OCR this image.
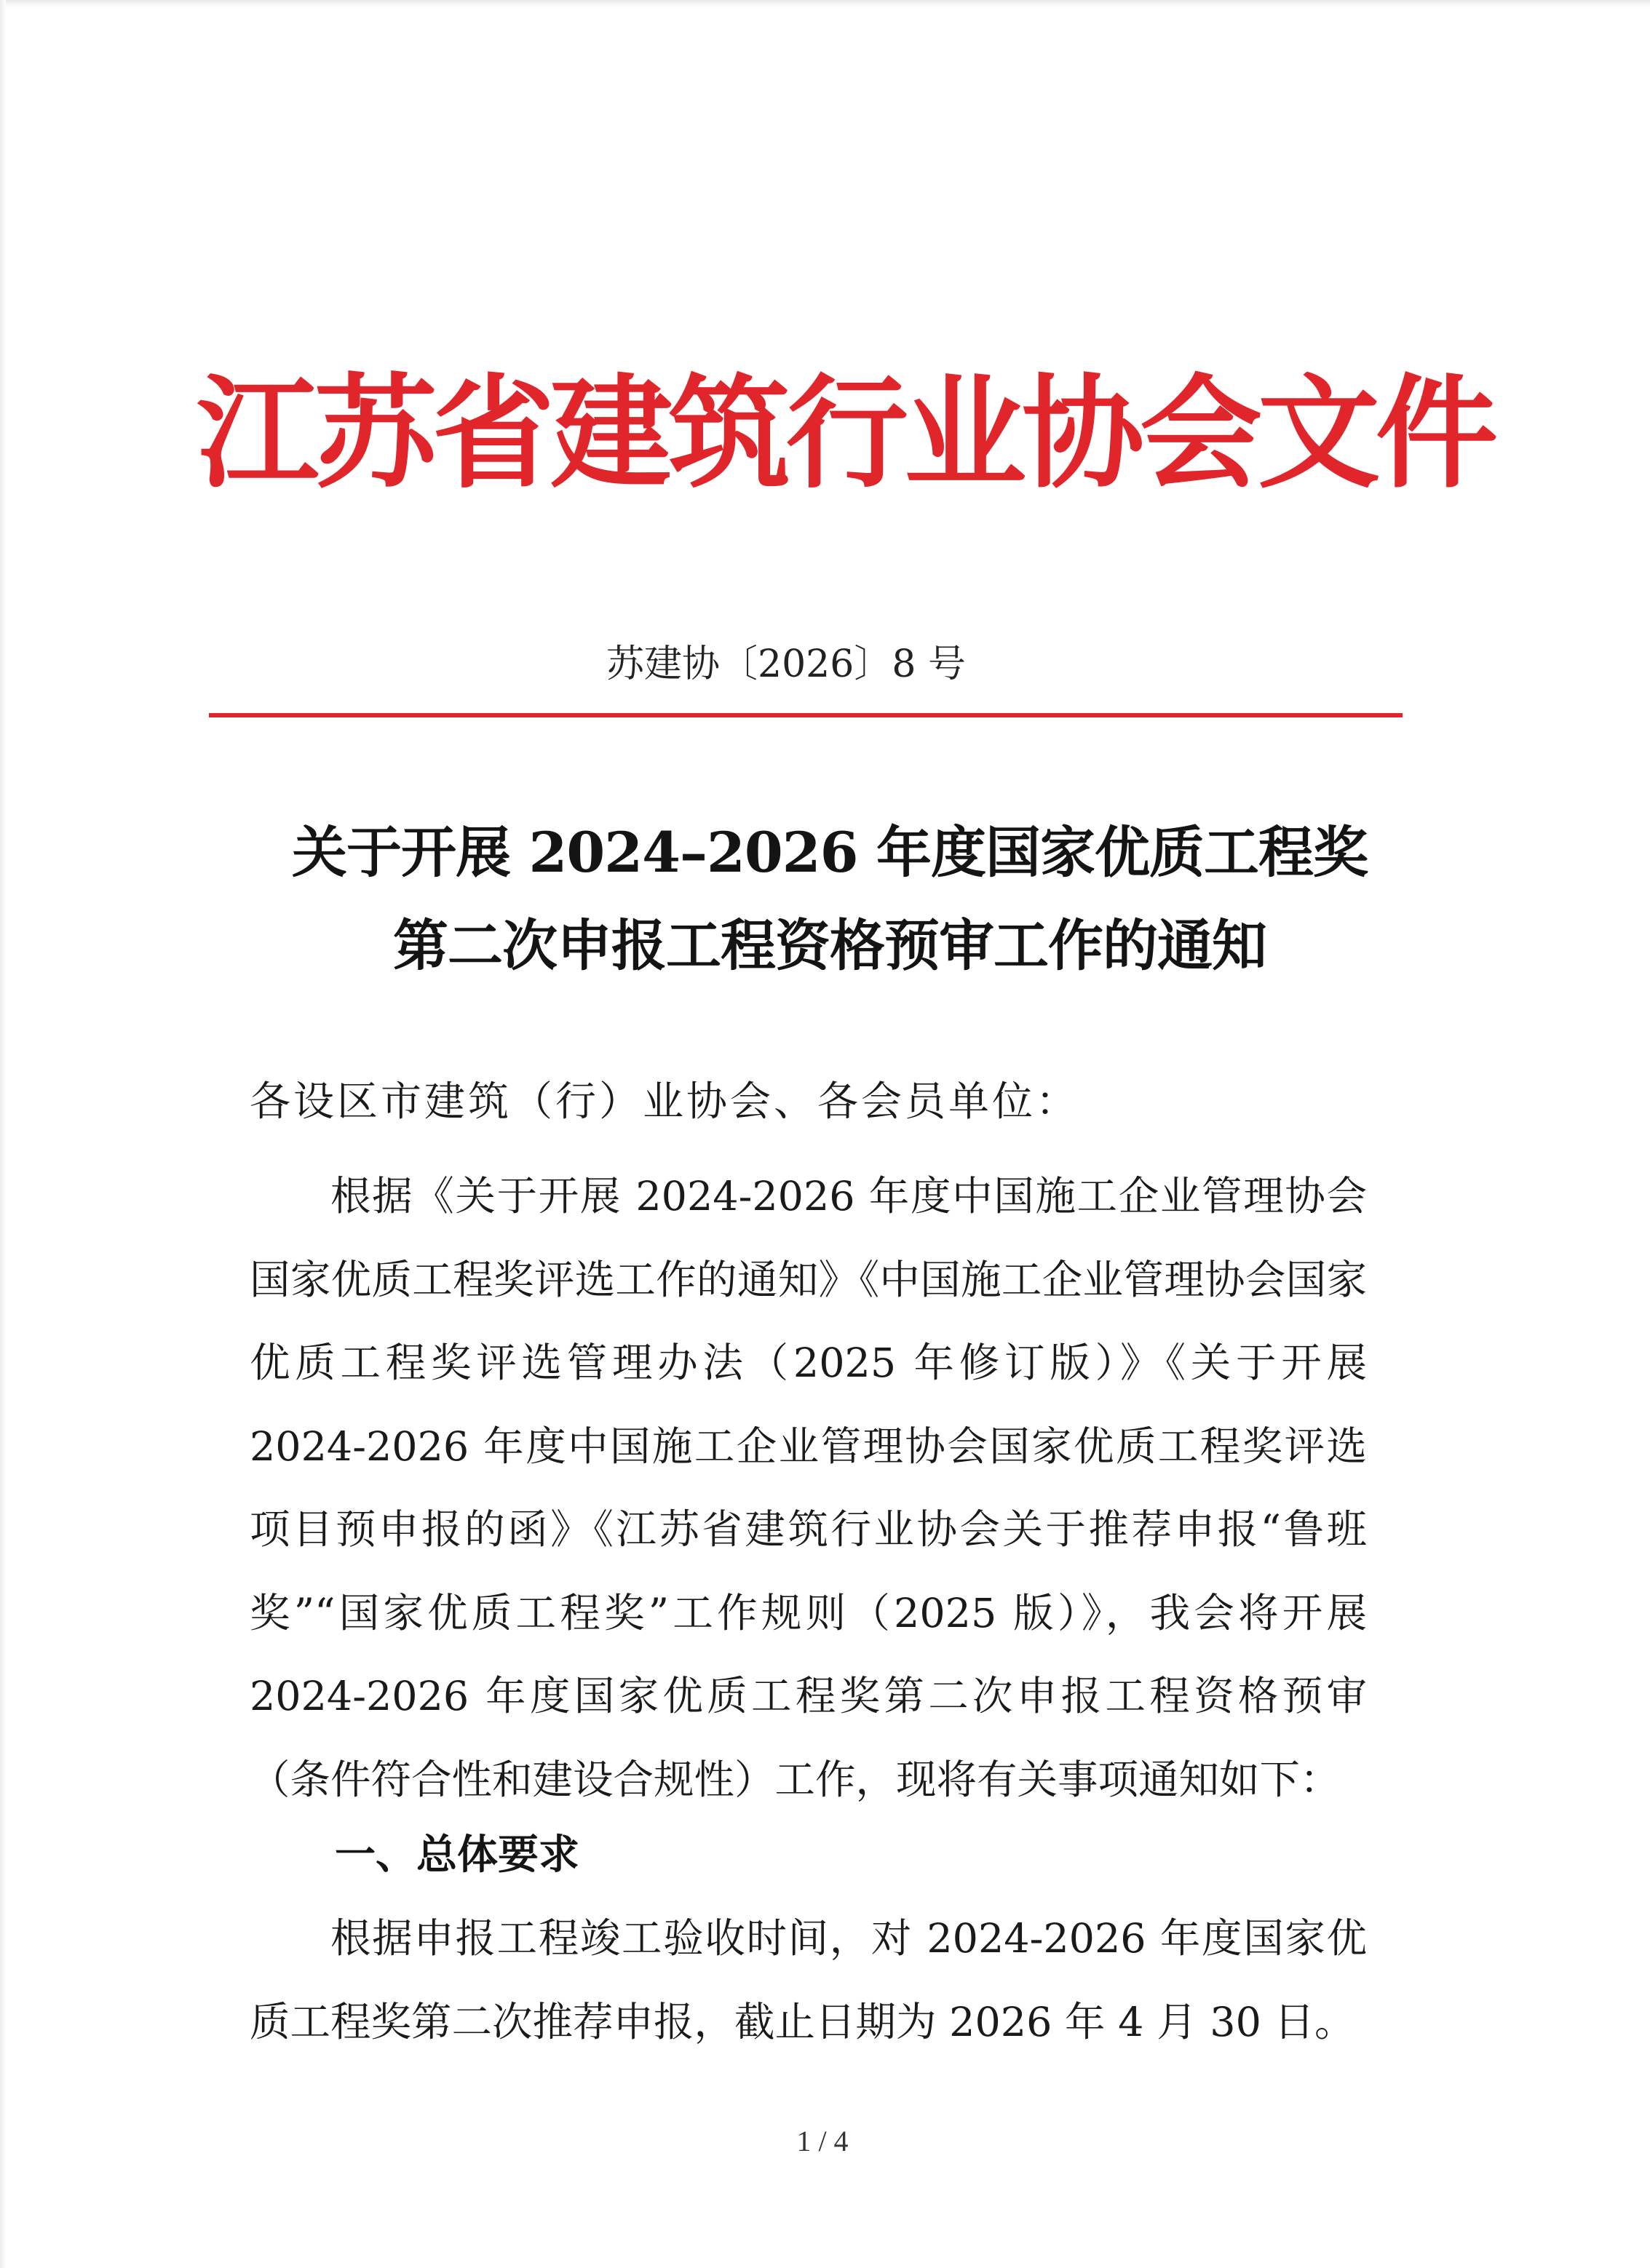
江苏省建筑行业协会文件
苏建协〔2026〕8 号
关于开展 2024–2026 年度国家优质工程奖
第二次申报工程资格预审工作的通知
各设区市建筑（行）业协会、各会员单位：
根据《关于开展 2024-2026 年度中国施工企业管理协会国家优质工程奖评选工作的通知》《中国施工企业管理协会国家优质工程奖评选管理办法（2025 年修订版）》《关于开展 2024-2026 年度中国施工企业管理协会国家优质工程奖评选项目预申报的函》《江苏省建筑行业协会关于推荐申报“鲁班奖”“国家优质工程奖”工作规则（2025 版）》，我会将开展 2024-2026 年度国家优质工程奖第二次申报工程资格预审（条件符合性和建设合规性）工作，现将有关事项通知如下：
一、总体要求
根据申报工程竣工验收时间，对 2024-2026 年度国家优质工程奖第二次推荐申报，截止日期为 2026 年 4 月 30 日。
1 / 4
